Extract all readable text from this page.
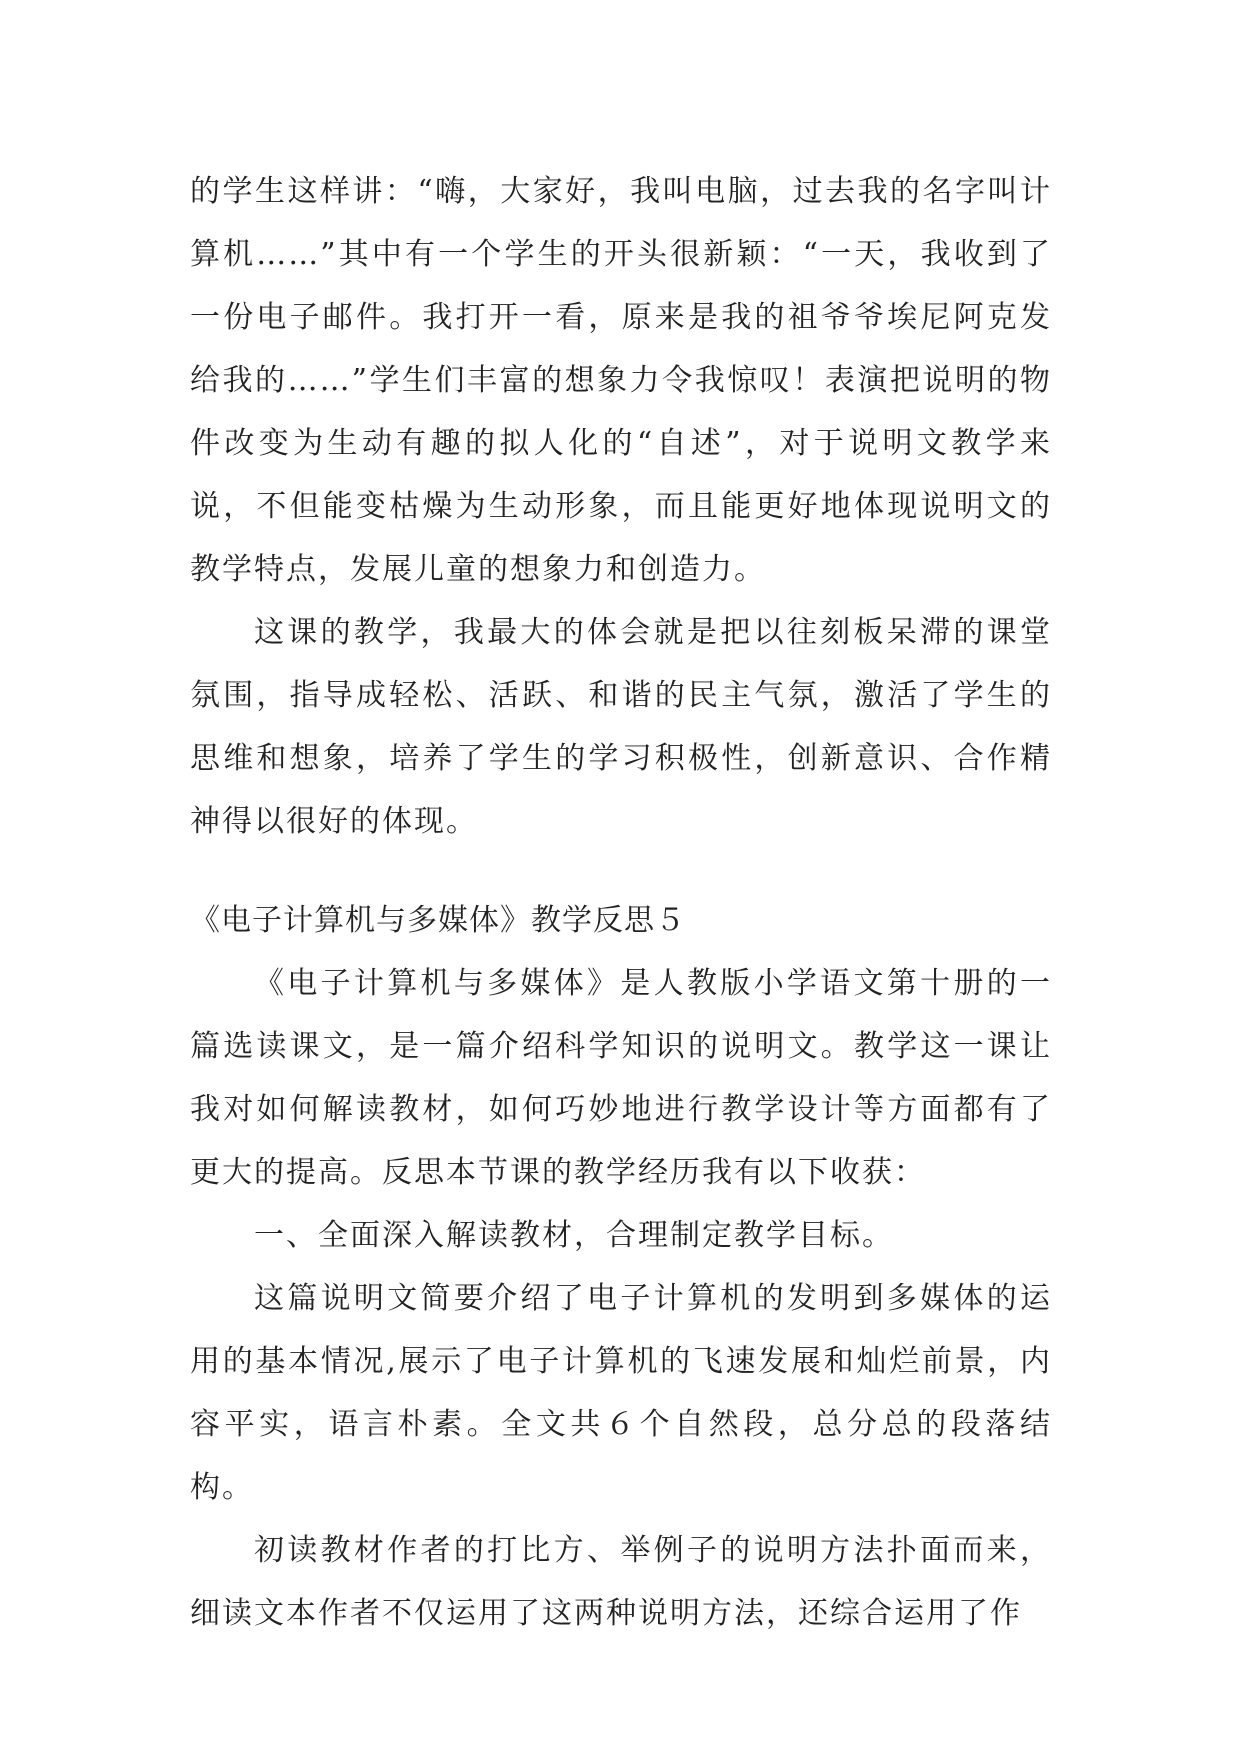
的学生这样讲：“嗨，大家好，我叫电脑，过去我的名字叫计算机……”其中有一个学生的开头很新颖：“一天，我收到了一份电子邮件。我打开一看，原来是我的祖爷爷埃尼阿克发给我的……”学生们丰富的想象力令我惊叹！表演把说明的物件改变为生动有趣的拟人化的“自述”，对于说明文教学来说，不但能变枯燥为生动形象，而且能更好地体现说明文的教学特点，发展儿童的想象力和创造力。

这课的教学，我最大的体会就是把以往刻板呆滞的课堂氛围，指导成轻松、活跃、和谐的民主气氛，激活了学生的思维和想象，培养了学生的学习积极性，创新意识、合作精神得以很好的体现。

《电子计算机与多媒体》教学反思５

《电子计算机与多媒体》是人教版小学语文第十册的一篇选读课文，是一篇介绍科学知识的说明文。教学这一课让我对如何解读教材，如何巧妙地进行教学设计等方面都有了更大的提高。反思本节课的教学经历我有以下收获：

一、全面深入解读教材，合理制定教学目标。

这篇说明文简要介绍了电子计算机的发明到多媒体的运用的基本情况,展示了电子计算机的飞速发展和灿烂前景，内容平实，语言朴素。全文共６个自然段，总分总的段落结构。

初读教材作者的打比方、举例子的说明方法扑面而来，细读文本作者不仅运用了这两种说明方法，还综合运用了作
